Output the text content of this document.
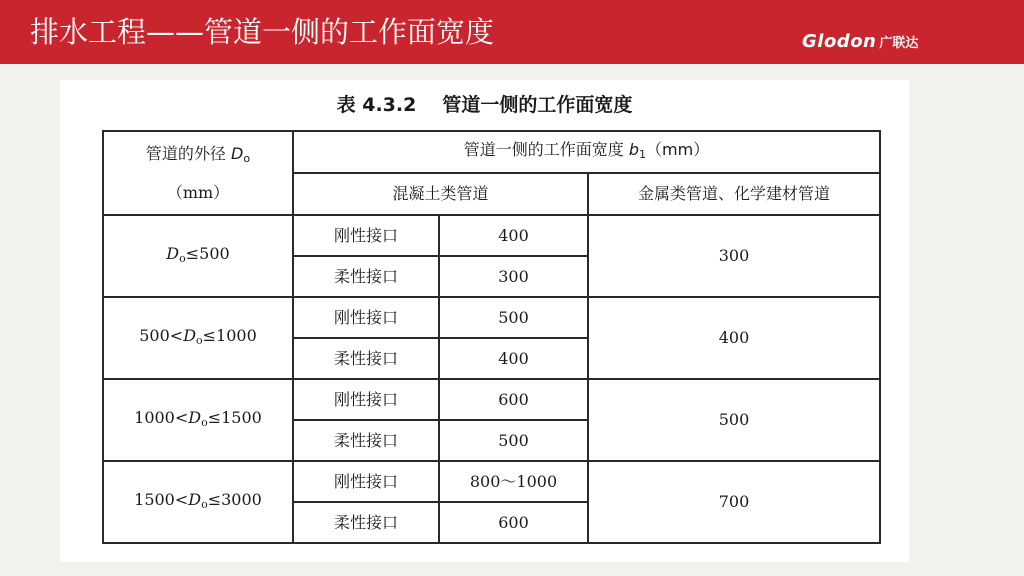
排水工程——管道一侧的工作面宽度	Glodon 广联达
表 4.3.2 管道一侧的工作面宽度
管道的外径 $D_o$
（mm）	管道一侧的工作面宽度 $b_1(mm)$		
	混凝土类管道		金属类管道、化学建材管道
$D_o\le 500$	刚性接口	400	300
	柔性接口	300	
$500<D_o\le 1000$	刚性接口	500	400
	柔性接口	400	
$1000<D_o\le 1500$	刚性接口	600	500
	柔性接口	500	
$1500<D_o\le 3000$	刚性接口	800～1000	700
	柔性接口	600	
